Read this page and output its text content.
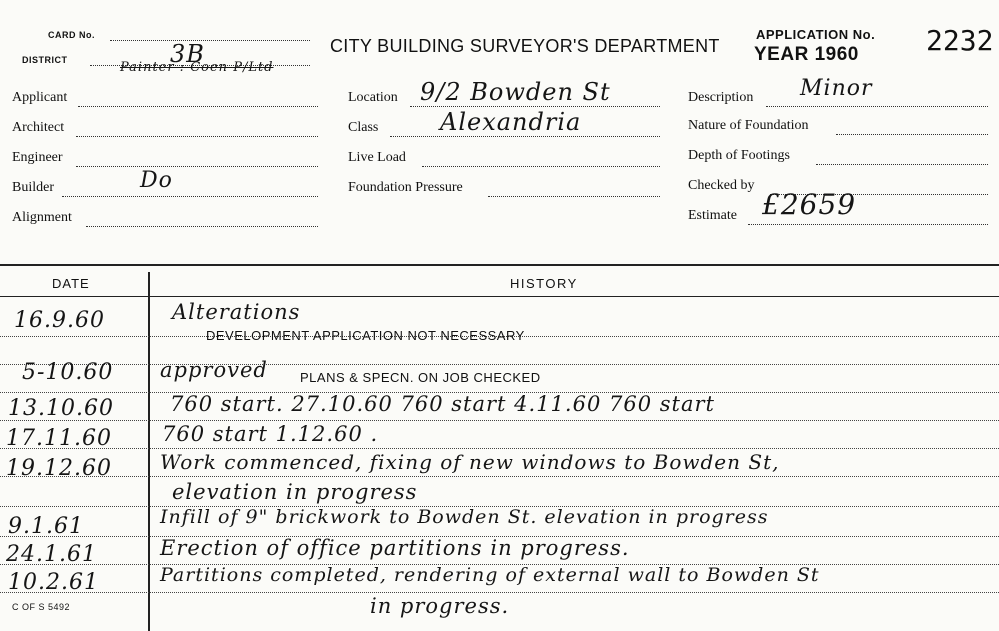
CARD No.
DISTRICT	3B	CITY BUILDING SURVEYOR'S DEPARTMENT
APPLICATION No. 2232
YEAR 1960
Painter : Coen P/Ltd
Applicant
Architect
Engineer
Builder	Do
Alignment
Location 9/2 Bowden St
Class	Alexandria
Live Load
Foundation Pressure
Description Minor
Nature of Foundation
Depth of Footings
Checked by
Estimate £2659
DATE	HISTORY
16.9.60	Alterations
DEVELOPMENT APPLICATION NOT NECESSARY
5-10.60 approved PLANS & SPECN. ON JOB CHECKED
13.10.60	760 start. 27.10.60 760 start 4.11.60 760 start
17.11.60 760 start 1.12.60 .
19.12.60 Work commenced, fixing of new windows to Bowden St,
elevation in progress
9.1.61	Infill of 9" brickwork to Bowden St. elevation in progress
24.1.61	Erection of office partitions in progress.
10.2.61	Partitions completed, rendering of external wall to Bowden St
in progress.
C OF S 5492
